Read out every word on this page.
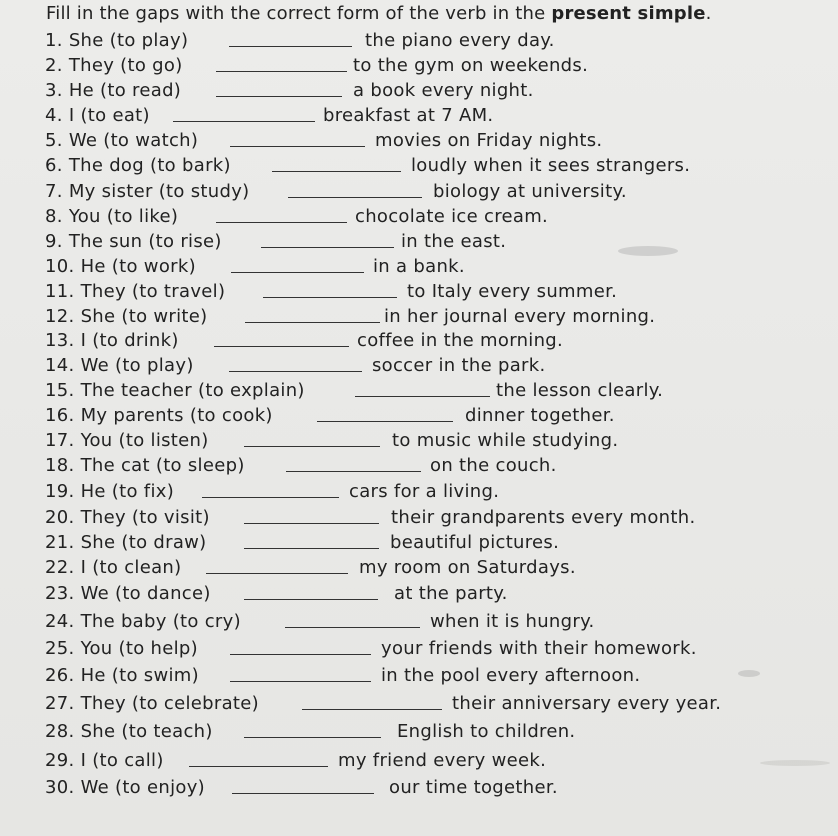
Fill in the gaps with the correct form of the verb in the present simple.
1. She (to play)	the piano every day.
2. They (to go)	to the gym on weekends.
3. He (to read)	a book every night.
4. I (to eat)	breakfast at 7 AM.
5. We (to watch)	movies on Friday nights.
6. The dog (to bark)	loudly when it sees strangers.
7. My sister (to study)	biology at university.
8. You (to like)	chocolate ice cream.
9. The sun (to rise)	in the east.
10. He (to work)	in a bank.
11. They (to travel)	to Italy every summer.
12. She (to write)	in her journal every morning.
13. I (to drink)	coffee in the morning.
14. We (to play)	soccer in the park.
15. The teacher (to explain)	the lesson clearly.
16. My parents (to cook)	dinner together.
17. You (to listen)	to music while studying.
18. The cat (to sleep)	on the couch.
19. He (to fix)	cars for a living.
20. They (to visit)	their grandparents every month.
21. She (to draw)	beautiful pictures.
22. I (to clean)	my room on Saturdays.
23. We (to dance)	at the party.
24. The baby (to cry)	when it is hungry.
25. You (to help)	your friends with their homework.
26. He (to swim)	in the pool every afternoon.
27. They (to celebrate)	their anniversary every year.
28. She (to teach)	English to children.
29. I (to call)	my friend every week.
30. We (to enjoy)	our time together.
